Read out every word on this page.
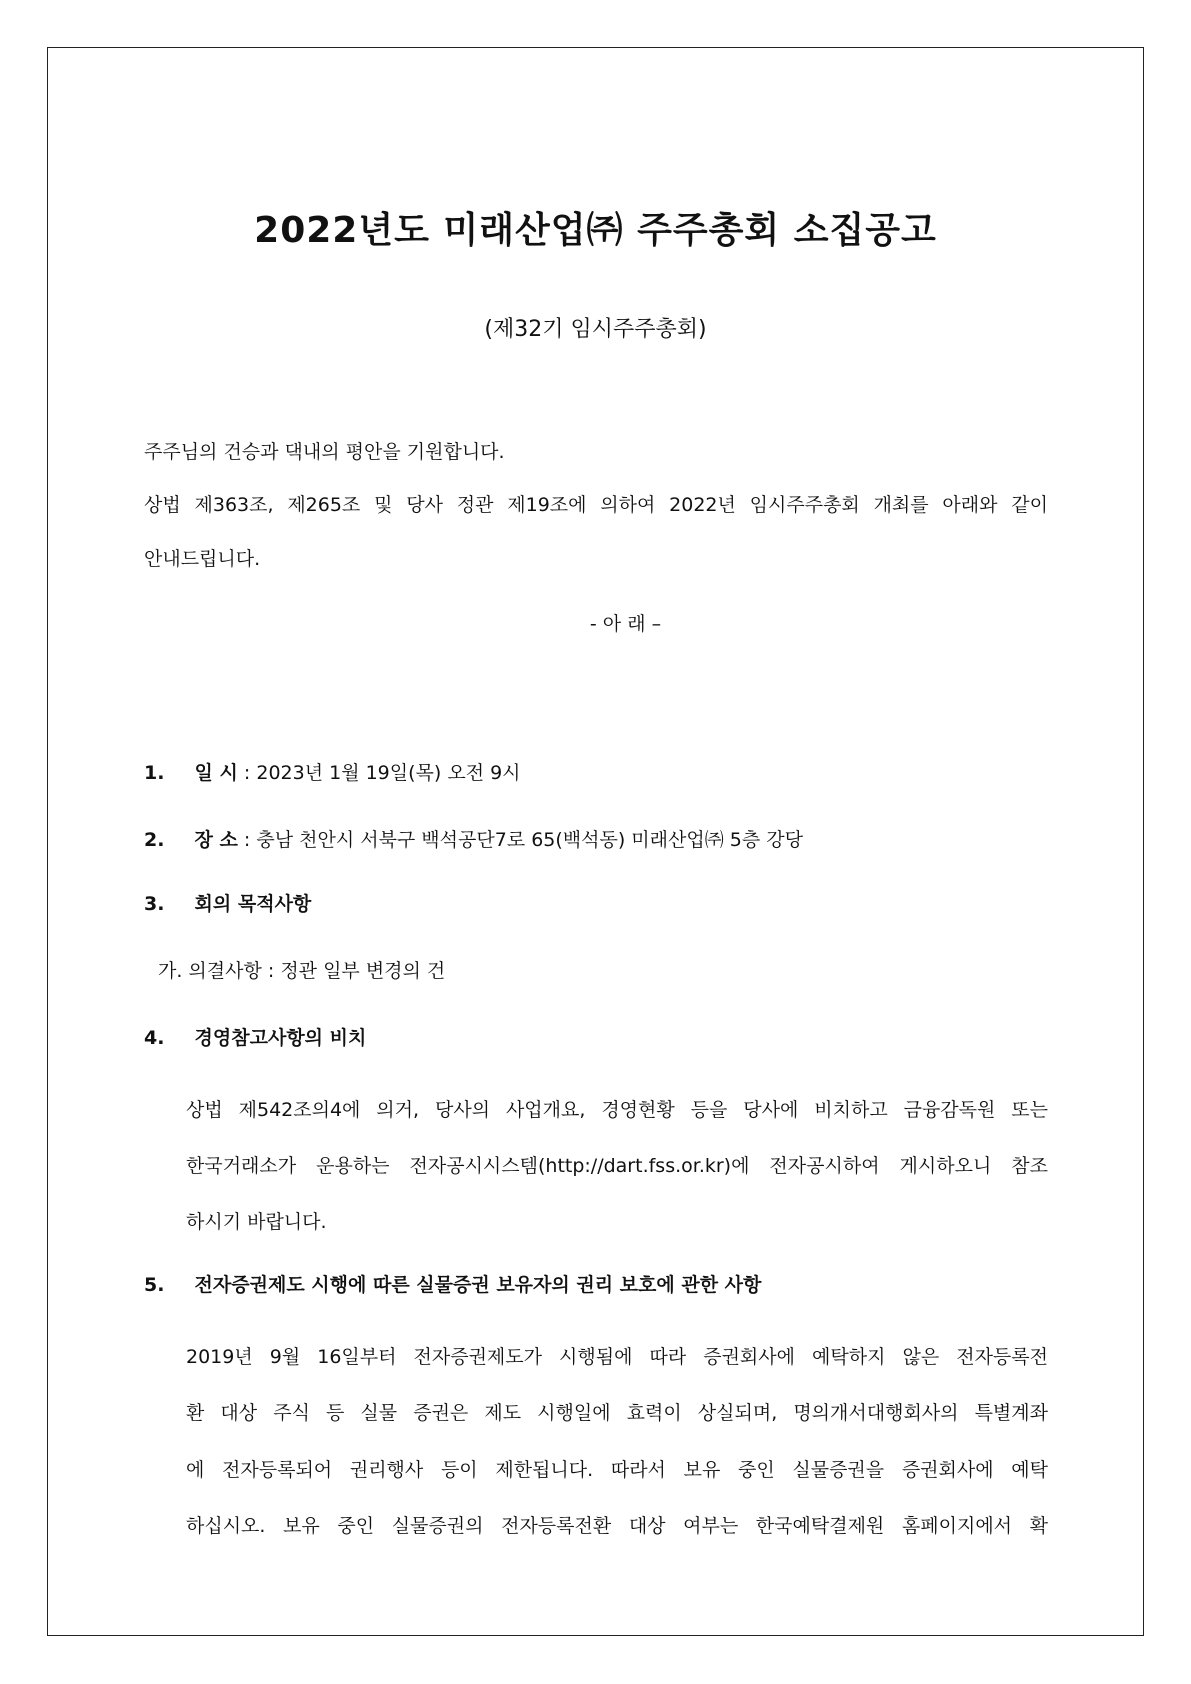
2022년도 미래산업㈜ 주주총회 소집공고
(제32기 임시주주총회)
주주님의 건승과 댁내의 평안을 기원합니다.
상법 제363조, 제265조 및 당사 정관 제19조에 의하여 2022년 임시주주총회 개최를 아래와 같이
안내드립니다.
- 아 래 –
1. 일 시 : 2023년 1월 19일(목) 오전 9시
2. 장 소 : 충남 천안시 서북구 백석공단7로 65(백석동) 미래산업㈜ 5층 강당
3. 회의 목적사항
가. 의결사항 : 정관 일부 변경의 건
4. 경영참고사항의 비치
상법 제542조의4에 의거, 당사의 사업개요, 경영현황 등을 당사에 비치하고 금융감독원 또는
한국거래소가 운용하는 전자공시시스템(http://dart.fss.or.kr)에 전자공시하여 게시하오니 참조
하시기 바랍니다.
5. 전자증권제도 시행에 따른 실물증권 보유자의 권리 보호에 관한 사항
2019년 9월 16일부터 전자증권제도가 시행됨에 따라 증권회사에 예탁하지 않은 전자등록전
환 대상 주식 등 실물 증권은 제도 시행일에 효력이 상실되며, 명의개서대행회사의 특별계좌
에 전자등록되어 권리행사 등이 제한됩니다. 따라서 보유 중인 실물증권을 증권회사에 예탁
하십시오. 보유 중인 실물증권의 전자등록전환 대상 여부는 한국예탁결제원 홈페이지에서 확
